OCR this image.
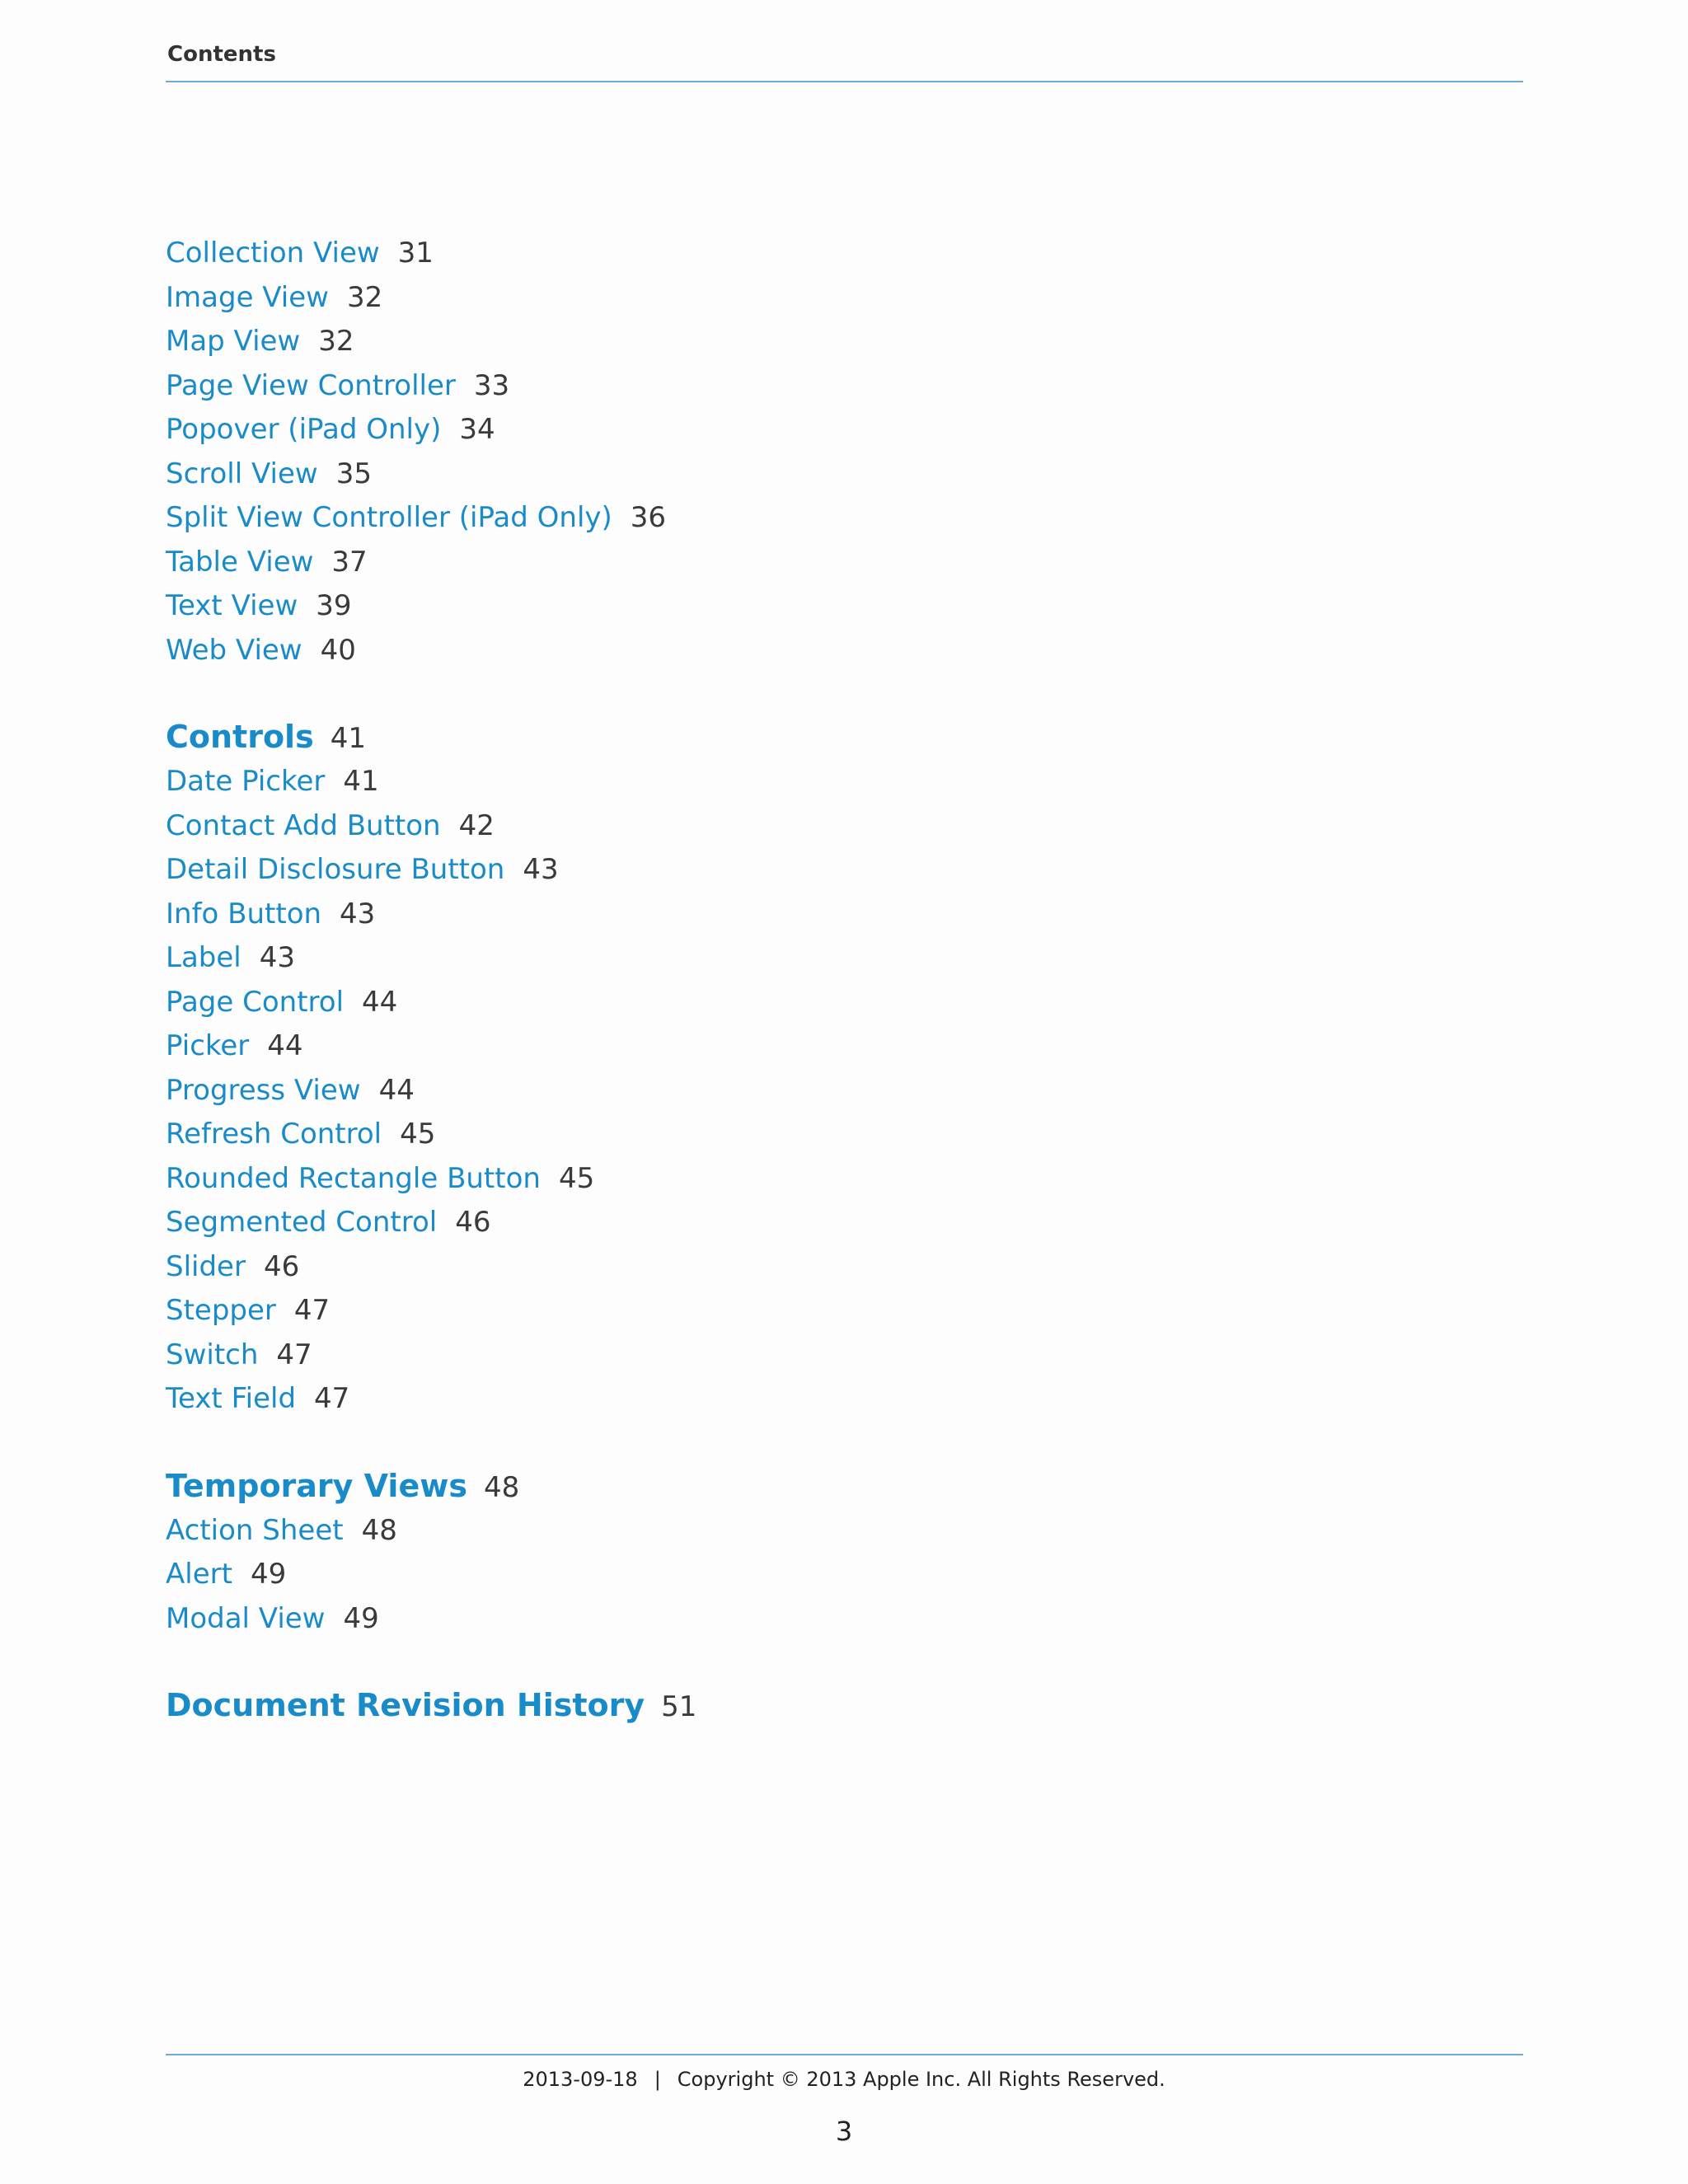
Contents
Collection View 31
Image View 32
Map View 32
Page View Controller 33
Popover (iPad Only) 34
Scroll View 35
Split View Controller (iPad Only) 36
Table View 37
Text View 39
Web View 40
Controls 41
Date Picker 41
Contact Add Button 42
Detail Disclosure Button 43
Info Button 43
Label 43
Page Control 44
Picker 44
Progress View 44
Refresh Control 45
Rounded Rectangle Button 45
Segmented Control 46
Slider 46
Stepper 47
Switch 47
Text Field 47
Temporary Views 48
Action Sheet 48
Alert 49
Modal View 49
Document Revision History 51
2013-09-18 | Copyright © 2013 Apple Inc. All Rights Reserved.
3
